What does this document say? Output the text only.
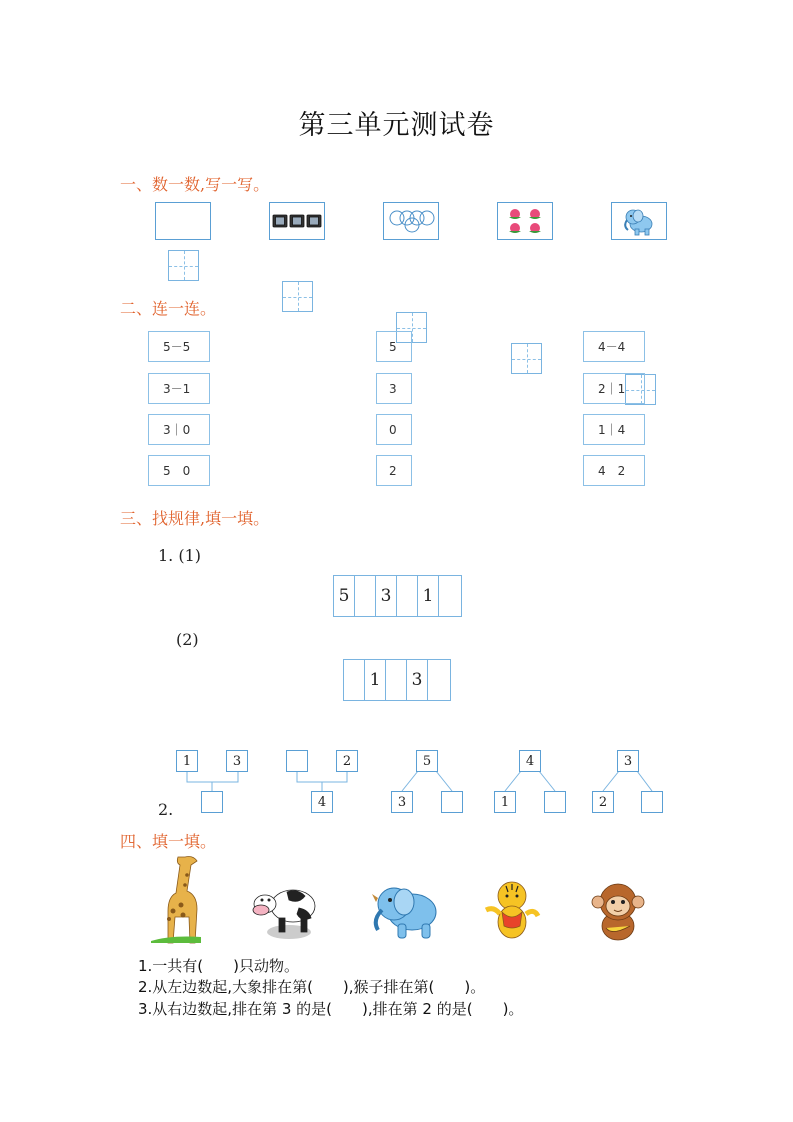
第三单元测试卷
一、数一数,写一写。
二、连一连。
5－5
3－1
3｜0
5　0
5
3
0
2
4－4
2｜1
1｜4
4　2
三、找规律,填一填。
1. (1)
5	3	1
(2)
1	3
1	3	2
4
5
3
4
1
3
2
2.
四、填一填。
1.一共有(　　)只动物。
2.从左边数起,大象排在第(　　),猴子排在第(　　)。
3.从右边数起,排在第 3 的是(　　),排在第 2 的是(　　)。
